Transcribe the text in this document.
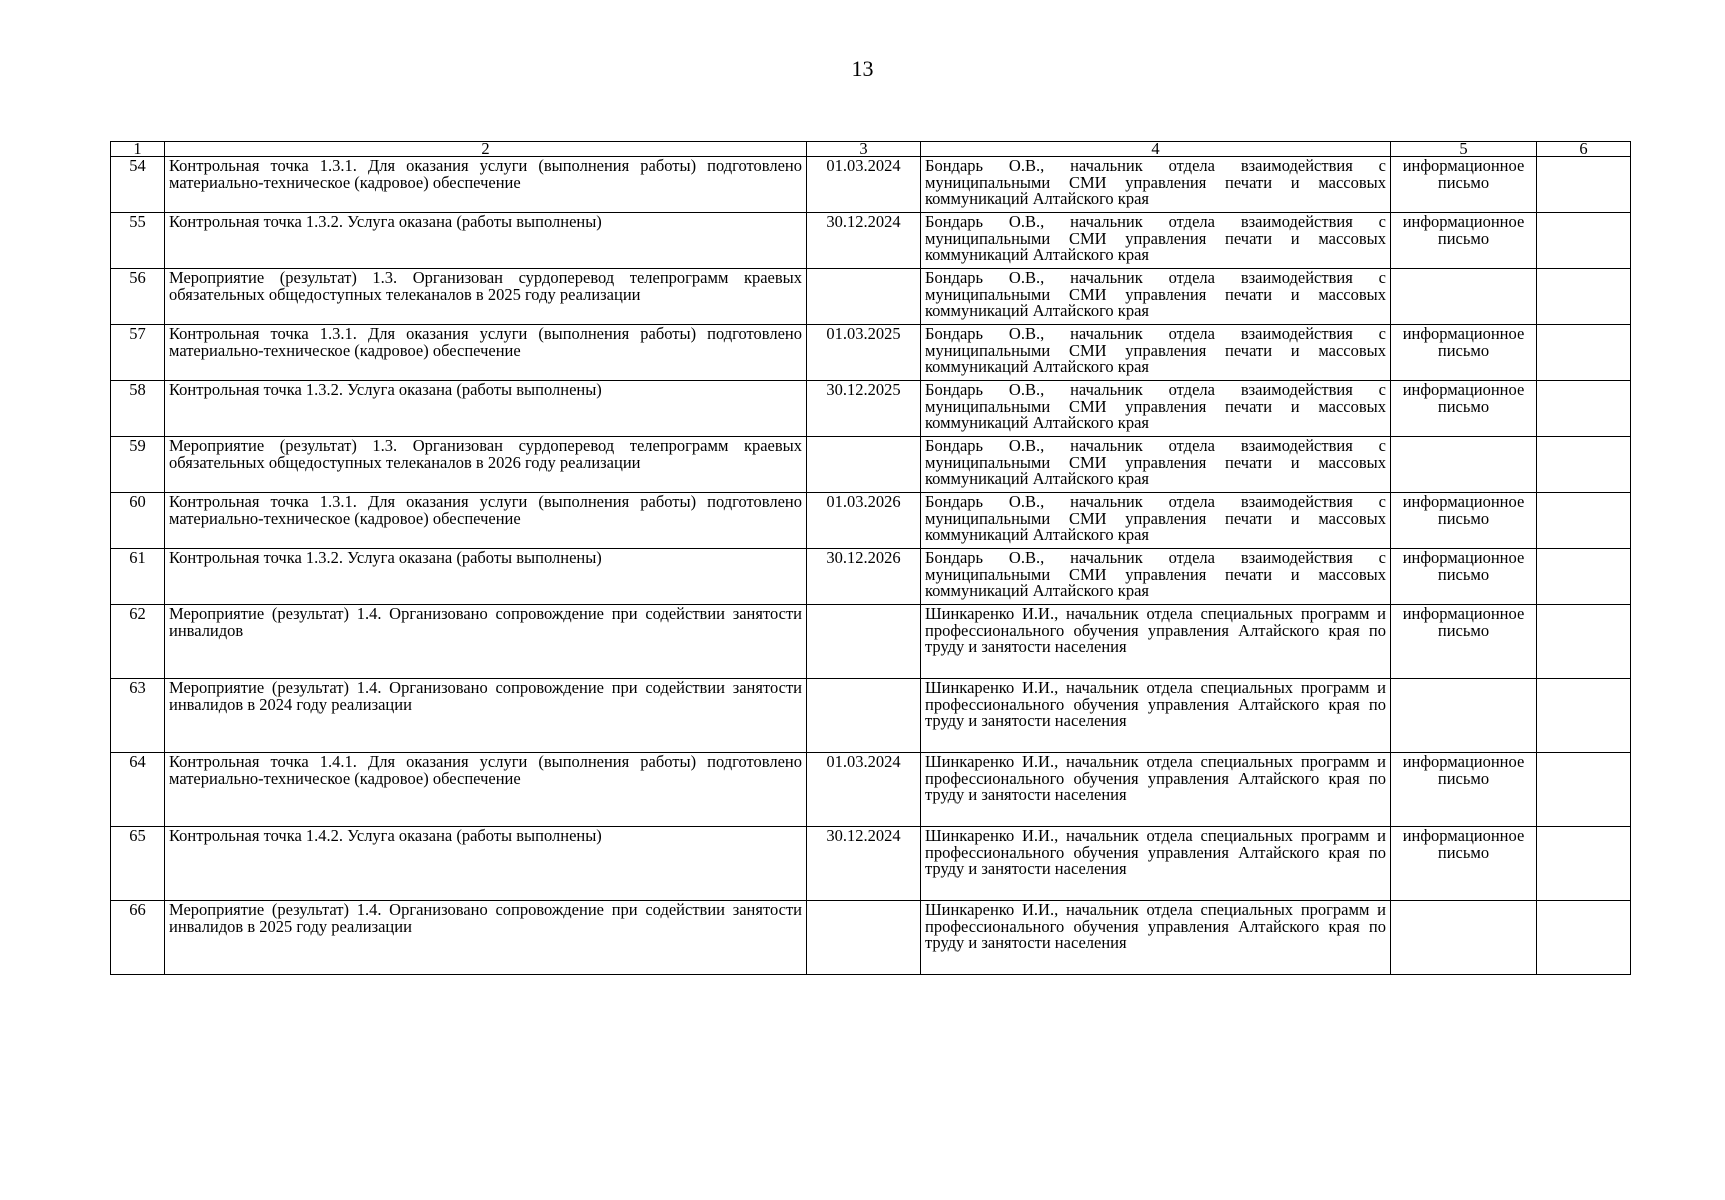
13
1	2	3	4	5	6
54	Контрольная точка 1.3.1. Для оказания услуги (выполнения работы) подготовлено материально-техническое (кадровое) обеспечение	01.03.2024	Бондарь О.В., начальник отдела взаимодействия с муниципальными СМИ управления печати и массовых коммуникаций Алтайского края	информационное письмо	
55	Контрольная точка 1.3.2. Услуга оказана (работы выполнены)	30.12.2024	Бондарь О.В., начальник отдела взаимодействия с муниципальными СМИ управления печати и массовых коммуникаций Алтайского края	информационное письмо	
56	Мероприятие (результат) 1.3. Организован сурдоперевод телепрограмм краевых обязательных общедоступных телеканалов в 2025 году реализации		Бондарь О.В., начальник отдела взаимодействия с муниципальными СМИ управления печати и массовых коммуникаций Алтайского края		
57	Контрольная точка 1.3.1. Для оказания услуги (выполнения работы) подготовлено материально-техническое (кадровое) обеспечение	01.03.2025	Бондарь О.В., начальник отдела взаимодействия с муниципальными СМИ управления печати и массовых коммуникаций Алтайского края	информационное письмо	
58	Контрольная точка 1.3.2. Услуга оказана (работы выполнены)	30.12.2025	Бондарь О.В., начальник отдела взаимодействия с муниципальными СМИ управления печати и массовых коммуникаций Алтайского края	информационное письмо	
59	Мероприятие (результат) 1.3. Организован сурдоперевод телепрограмм краевых обязательных общедоступных телеканалов в 2026 году реализации		Бондарь О.В., начальник отдела взаимодействия с муниципальными СМИ управления печати и массовых коммуникаций Алтайского края		
60	Контрольная точка 1.3.1. Для оказания услуги (выполнения работы) подготовлено материально-техническое (кадровое) обеспечение	01.03.2026	Бондарь О.В., начальник отдела взаимодействия с муниципальными СМИ управления печати и массовых коммуникаций Алтайского края	информационное письмо	
61	Контрольная точка 1.3.2. Услуга оказана (работы выполнены)	30.12.2026	Бондарь О.В., начальник отдела взаимодействия с муниципальными СМИ управления печати и массовых коммуникаций Алтайского края	информационное письмо	
62	Мероприятие (результат) 1.4. Организовано сопровождение при содействии занятости инвалидов		Шинкаренко И.И., начальник отдела специальных программ и профессионального обучения управления Алтайского края по труду и занятости населения	информационное письмо	
63	Мероприятие (результат) 1.4. Организовано сопровождение при содействии занятости инвалидов в 2024 году реализации		Шинкаренко И.И., начальник отдела специальных программ и профессионального обучения управления Алтайского края по труду и занятости населения		
64	Контрольная точка 1.4.1. Для оказания услуги (выполнения работы) подготовлено материально-техническое (кадровое) обеспечение	01.03.2024	Шинкаренко И.И., начальник отдела специальных программ и профессионального обучения управления Алтайского края по труду и занятости населения	информационное письмо	
65	Контрольная точка 1.4.2. Услуга оказана (работы выполнены)	30.12.2024	Шинкаренко И.И., начальник отдела специальных программ и профессионального обучения управления Алтайского края по труду и занятости населения	информационное письмо	
66	Мероприятие (результат) 1.4. Организовано сопровождение при содействии занятости инвалидов в 2025 году реализации		Шинкаренко И.И., начальник отдела специальных программ и профессионального обучения управления Алтайского края по труду и занятости населения		
